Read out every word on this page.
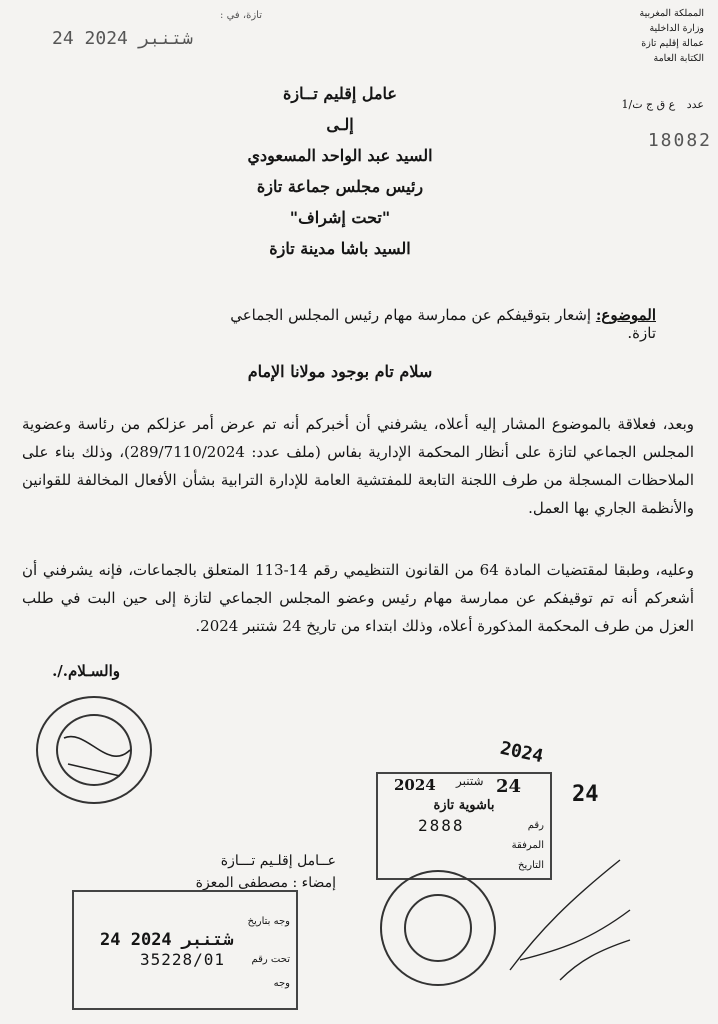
تازة، في :
24 شتنبر 2024
المملكة المغربية
وزارة الداخلية
عمالة إقليم تازة
الكتابة العامة
عدد ع ق ج ت/1
18082
عامل إقليم تــازة
إلـى
السيد عبد الواحد المسعودي
رئيس مجلس جماعة تازة
"تحت إشراف"
السيد باشا مدينة تازة
الموضوع: إشعار بتوقيفكم عن ممارسة مهام رئيس المجلس الجماعي تازة.
سلام تام بوجود مولانا الإمام
وبعد، فعلاقة بالموضوع المشار إليه أعلاه، يشرفني أن أخبركم أنه تم عرض أمر عزلكم من رئاسة وعضوية المجلس الجماعي لتازة على أنظار المحكمة الإدارية بفاس (ملف عدد: 289/7110/2024)، وذلك بناء على الملاحظات المسجلة من طرف اللجنة التابعة للمفتشية العامة للإدارة الترابية بشأن الأفعال المخالفة للقوانين والأنظمة الجاري بها العمل.
وعليه، وطبقا لمقتضيات المادة 64 من القانون التنظيمي رقم 14-113 المتعلق بالجماعات، فإنه يشرفني أن أشعركم أنه تم توقيفكم عن ممارسة مهام رئيس وعضو المجلس الجماعي لتازة إلى حين البت في طلب العزل من طرف المحكمة المذكورة أعلاه، وذلك ابتداء من تاريخ 24 شتنبر 2024.
والسـلام./.
2024 شتنبر 24
باشوية تازة
رقم
2888
المرفقة
التاريخ
2024
24
عــامل إقلـيم تـــازة
إمضاء : مصطفى المعزة
وجه بتاريخ
24 شتنبر 2024
تحت رقم
35228/01
وجه
